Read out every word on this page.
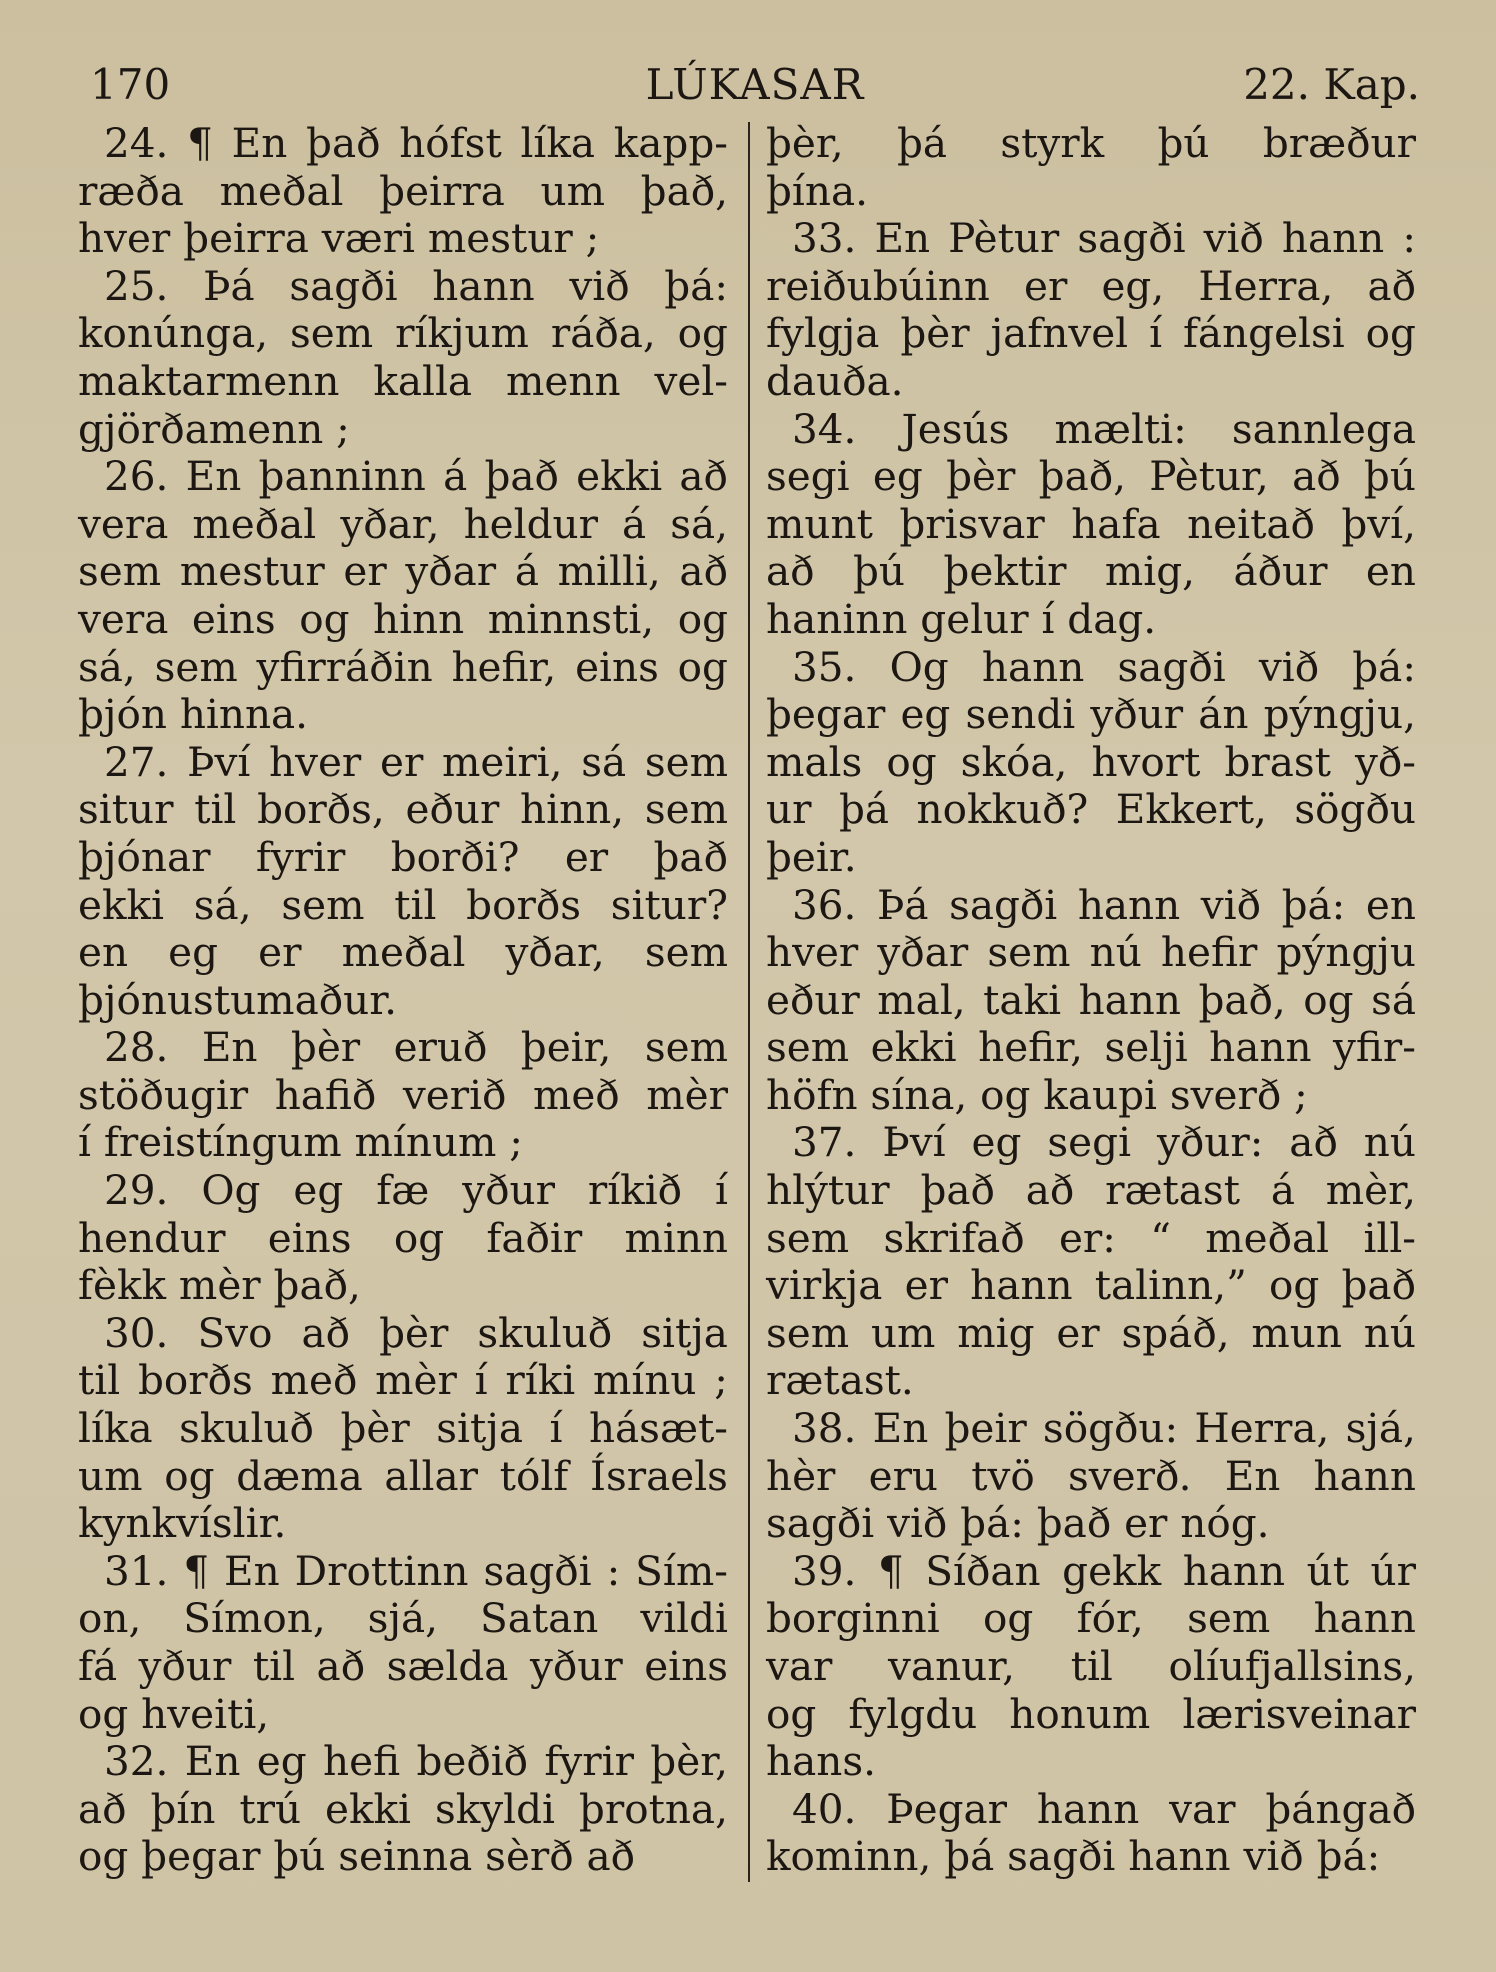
170	LÚKASAR	22. Kap.
24. ¶ En það hófst líka kapp-
ræða meðal þeirra um það,
hver þeirra væri mestur ;
25. Þá sagði hann við þá:
konúnga, sem ríkjum ráða, og
maktarmenn kalla menn vel-
gjörðamenn ;
26. En þanninn á það ekki að
vera meðal yðar, heldur á sá,
sem mestur er yðar á milli, að
vera eins og hinn minnsti, og
sá, sem yfirráðin hefir, eins og
þjón hinna.
27. Því hver er meiri, sá sem
situr til borðs, eður hinn, sem
þjónar fyrir borði? er það
ekki sá, sem til borðs situr?
en eg er meðal yðar, sem
þjónustumaður.
28. En þèr eruð þeir, sem
stöðugir hafið verið með mèr
í freistíngum mínum ;
29. Og eg fæ yður ríkið í
hendur eins og faðir minn
fèkk mèr það,
30. Svo að þèr skuluð sitja
til borðs með mèr í ríki mínu ;
líka skuluð þèr sitja í hásæt-
um og dæma allar tólf Ísraels
kynkvíslir.
31. ¶ En Drottinn sagði : Sím-
on, Símon, sjá, Satan vildi
fá yður til að sælda yður eins
og hveiti,
32. En eg hefi beðið fyrir þèr,
að þín trú ekki skyldi þrotna,
og þegar þú seinna sèrð að
þèr, þá styrk þú bræður
þína.
33. En Pètur sagði við hann :
reiðubúinn er eg, Herra, að
fylgja þèr jafnvel í fángelsi og
dauða.
34. Jesús mælti: sannlega
segi eg þèr það, Pètur, að þú
munt þrisvar hafa neitað því,
að þú þektir mig, áður en
haninn gelur í dag.
35. Og hann sagði við þá:
þegar eg sendi yður án pýngju,
mals og skóa, hvort brast yð-
ur þá nokkuð? Ekkert, sögðu
þeir.
36. Þá sagði hann við þá: en
hver yðar sem nú hefir pýngju
eður mal, taki hann það, og sá
sem ekki hefir, selji hann yfir-
höfn sína, og kaupi sverð ;
37. Því eg segi yður: að nú
hlýtur það að rætast á mèr,
sem skrifað er: “ meðal ill-
virkja er hann talinn,” og það
sem um mig er spáð, mun nú
rætast.
38. En þeir sögðu: Herra, sjá,
hèr eru tvö sverð. En hann
sagði við þá: það er nóg.
39. ¶ Síðan gekk hann út úr
borginni og fór, sem hann
var vanur, til olíufjallsins,
og fylgdu honum lærisveinar
hans.
40. Þegar hann var þángað
kominn, þá sagði hann við þá:
